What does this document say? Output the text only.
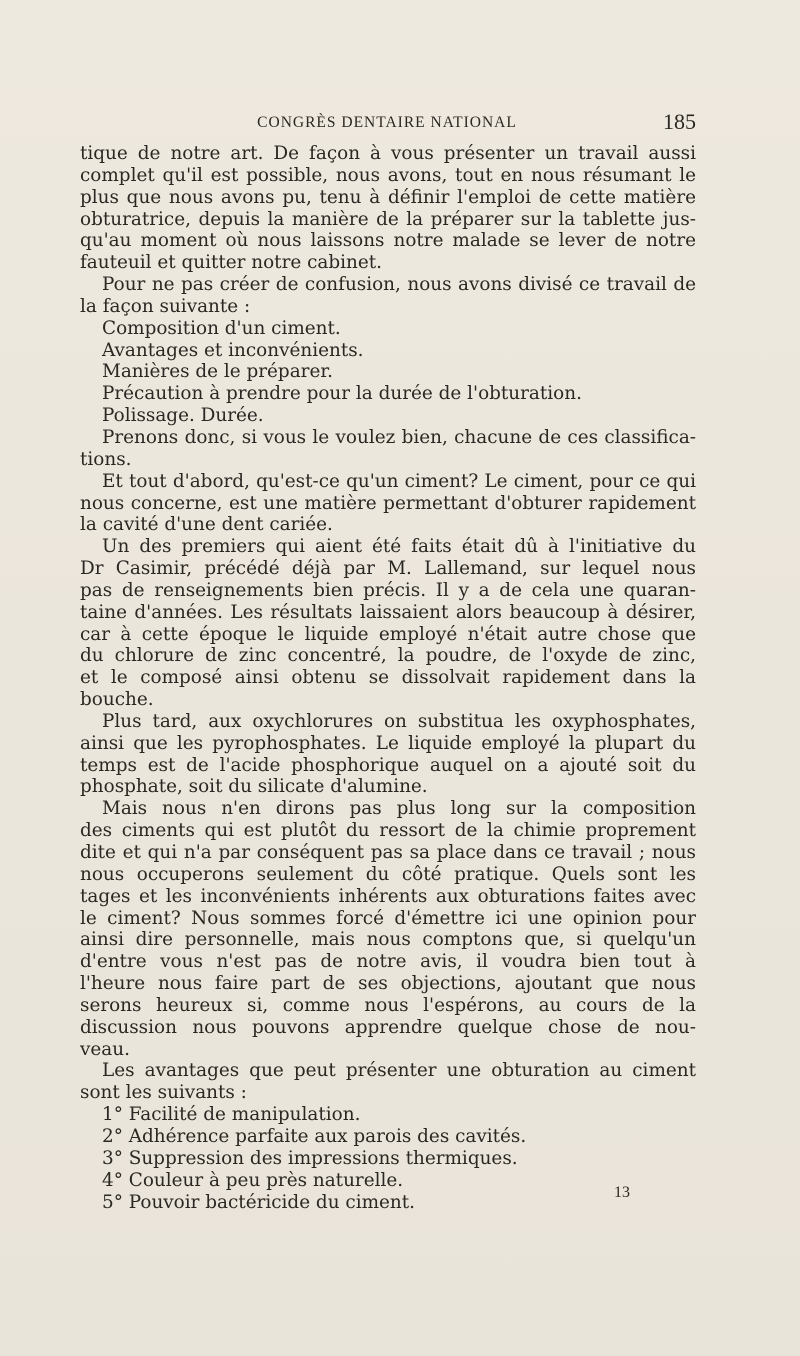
CONGRÈS DENTAIRE NATIONAL	185
tique de notre art. De façon à vous présenter un travail aussi
complet qu'il est possible, nous avons, tout en nous résumant le
plus que nous avons pu, tenu à définir l'emploi de cette matière
obturatrice, depuis la manière de la préparer sur la tablette jus-
qu'au moment où nous laissons notre malade se lever de notre
fauteuil et quitter notre cabinet.
Pour ne pas créer de confusion, nous avons divisé ce travail de
la façon suivante :
Composition d'un ciment.
Avantages et inconvénients.
Manières de le préparer.
Précaution à prendre pour la durée de l'obturation.
Polissage. Durée.
Prenons donc, si vous le voulez bien, chacune de ces classifica-
tions.
Et tout d'abord, qu'est-ce qu'un ciment? Le ciment, pour ce qui
nous concerne, est une matière permettant d'obturer rapidement
la cavité d'une dent cariée.
Un des premiers qui aient été faits était dû à l'initiative du
Dr Casimir, précédé déjà par M. Lallemand, sur lequel nous
pas de renseignements bien précis. Il y a de cela une quaran-
taine d'années. Les résultats laissaient alors beaucoup à désirer,
car à cette époque le liquide employé n'était autre chose que
du chlorure de zinc concentré, la poudre, de l'oxyde de zinc,
et le composé ainsi obtenu se dissolvait rapidement dans la
bouche.
Plus tard, aux oxychlorures on substitua les oxyphosphates,
ainsi que les pyrophosphates. Le liquide employé la plupart du
temps est de l'acide phosphorique auquel on a ajouté soit du
phosphate, soit du silicate d'alumine.
Mais nous n'en dirons pas plus long sur la composition
des ciments qui est plutôt du ressort de la chimie proprement
dite et qui n'a par conséquent pas sa place dans ce travail ; nous
nous occuperons seulement du côté pratique. Quels sont les
tages et les inconvénients inhérents aux obturations faites avec
le ciment? Nous sommes forcé d'émettre ici une opinion pour
ainsi dire personnelle, mais nous comptons que, si quelqu'un
d'entre vous n'est pas de notre avis, il voudra bien tout à
l'heure nous faire part de ses objections, ajoutant que nous
serons heureux si, comme nous l'espérons, au cours de la
discussion nous pouvons apprendre quelque chose de nou-
veau.
Les avantages que peut présenter une obturation au ciment
sont les suivants :
1° Facilité de manipulation.
2° Adhérence parfaite aux parois des cavités.
3° Suppression des impressions thermiques.
4° Couleur à peu près naturelle.
5° Pouvoir bactéricide du ciment.	13
